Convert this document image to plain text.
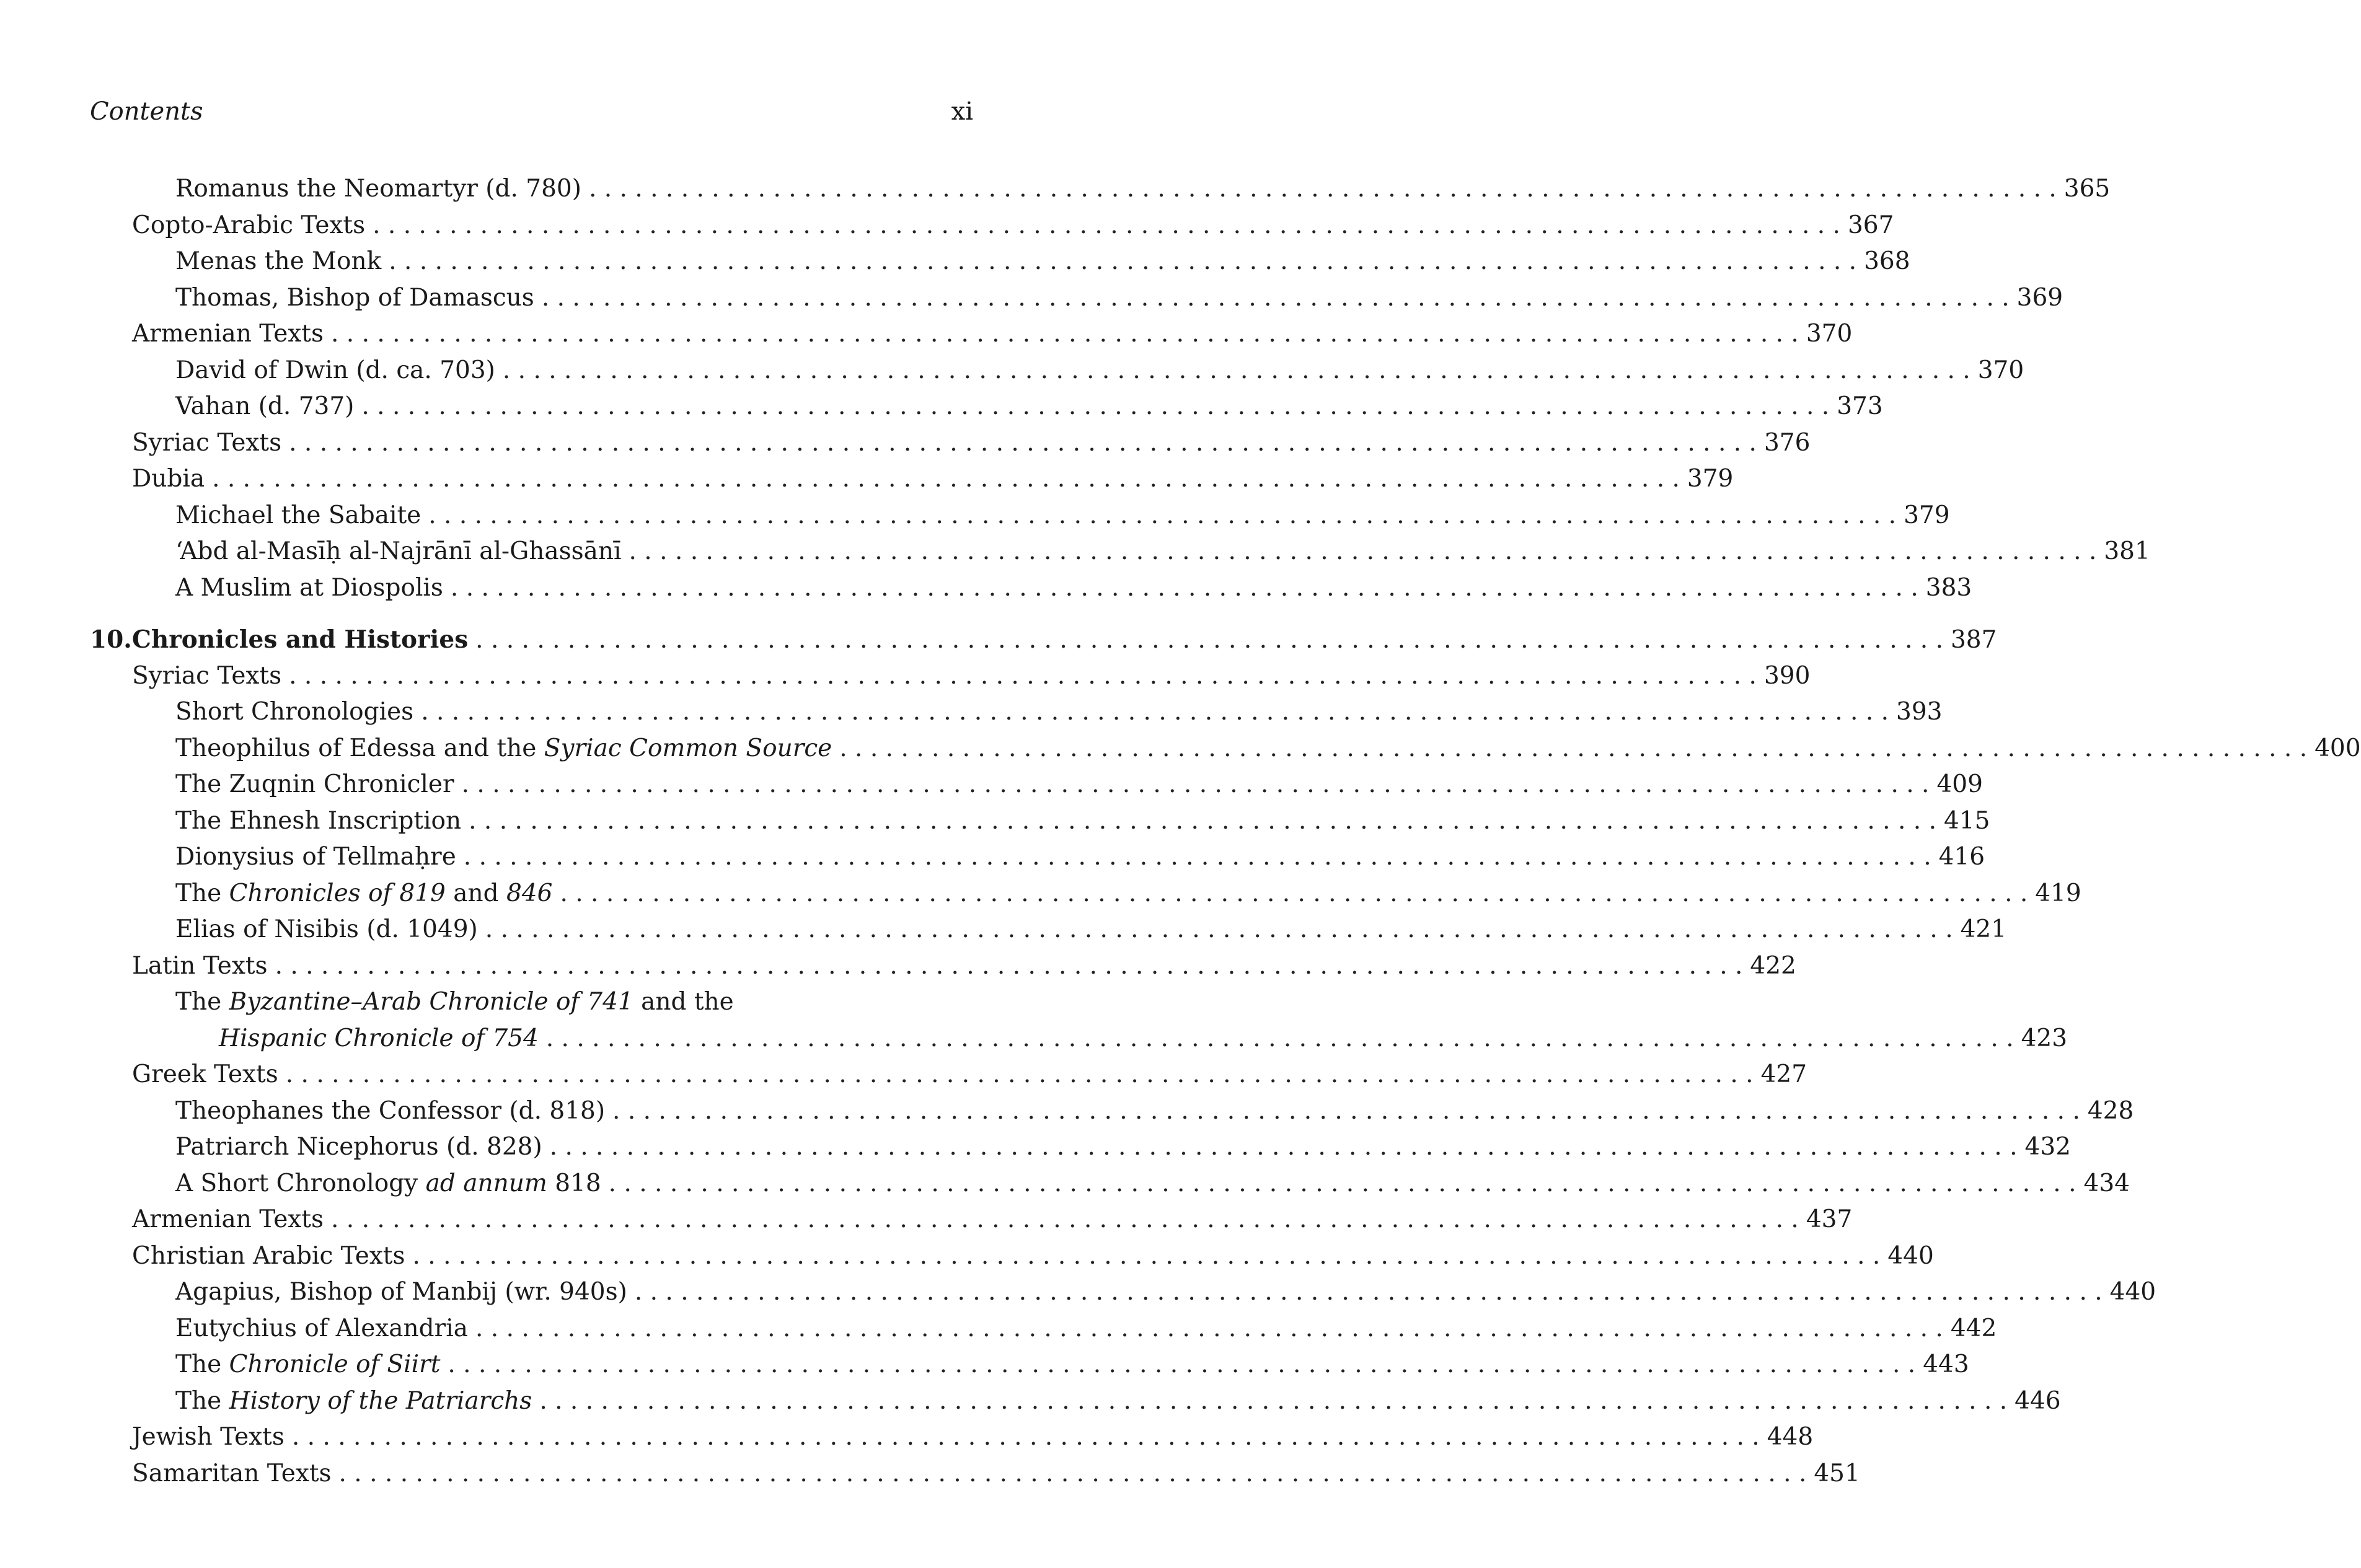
Contents	xi
Romanus the Neomartyr (d. 780) . . .	365
Copto-Arabic Texts . . .	367
Menas the Monk . . .	368
Thomas, Bishop of Damascus . . .	369
Armenian Texts . . .	370
David of Dwin (d. ca. 703) . . .	370
Vahan (d. 737) . . .	373
Syriac Texts . . .	376
Dubia . . .	379
Michael the Sabaite . . .	379
‘Abd al-Masīḥ al-Najrānī al-Ghassānī . . .	381
A Muslim at Diospolis . . .	383
10. Chronicles and Histories . . .	387
Syriac Texts . . .	390
Short Chronologies . . .	393
Theophilus of Edessa and the Syriac Common Source . . .	400
The Zuqnin Chronicler . . .	409
The Ehnesh Inscription . . .	415
Dionysius of Tellmaḥre . . .	416
The Chronicles of 819 and 846 . . .	419
Elias of Nisibis (d. 1049) . . .	421
Latin Texts . . .	422
The Byzantine–Arab Chronicle of 741 and the
Hispanic Chronicle of 754 . . .	423
Greek Texts . . .	427
Theophanes the Confessor (d. 818) . . .	428
Patriarch Nicephorus (d. 828) . . .	432
A Short Chronology ad annum 818 . . .	434
Armenian Texts . . .	437
Christian Arabic Texts . . .	440
Agapius, Bishop of Manbij (wr. 940s) . . .	440
Eutychius of Alexandria . . .	442
The Chronicle of Siirt . . .	443
The History of the Patriarchs . . .	446
Jewish Texts . . .	448
Samaritan Texts . . .	451
